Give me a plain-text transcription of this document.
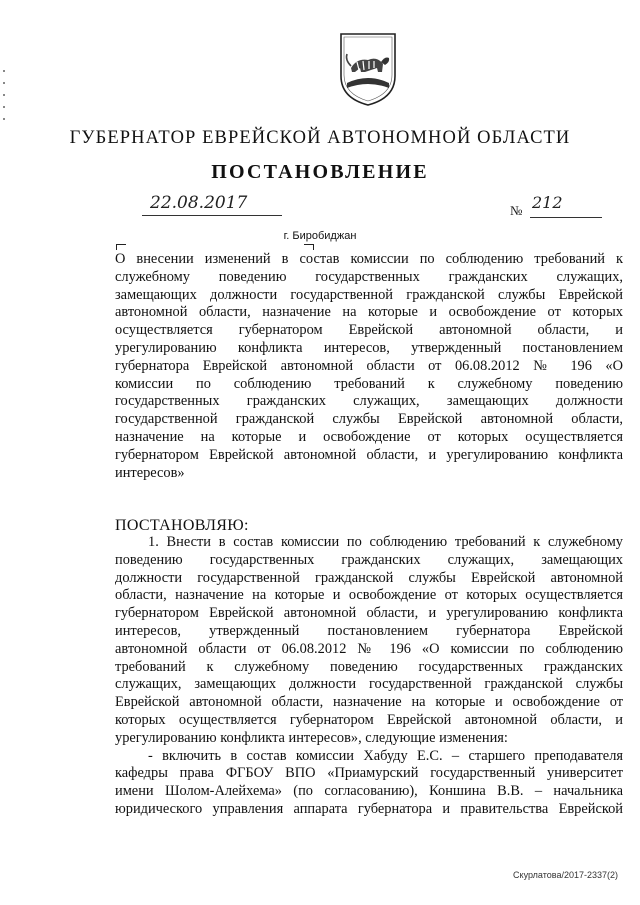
ГУБЕРНАТОР ЕВРЕЙСКОЙ АВТОНОМНОЙ ОБЛАСТИ
ПОСТАНОВЛЕНИЕ
22.08.2017	№ 212
г. Биробиджан
О внесении изменений в состав комиссии по соблюдению требований к
служебному поведению государственных гражданских служащих,
замещающих должности государственной гражданской службы Еврейской
автономной области, назначение на которые и освобождение от которых
осуществляется губернатором Еврейской автономной области, и
урегулированию конфликта интересов, утвержденный постановлением
губернатора Еврейской автономной области от 06.08.2012 № 196 «О
комиссии по соблюдению требований к служебному поведению
государственных гражданских служащих, замещающих должности
государственной гражданской службы Еврейской автономной области,
назначение на которые и освобождение от которых осуществляется
губернатором Еврейской автономной области, и урегулированию конфликта
интересов»
ПОСТАНОВЛЯЮ:
1. Внести в состав комиссии по соблюдению требований к служебному
поведению государственных гражданских служащих, замещающих
должности государственной гражданской службы Еврейской автономной
области, назначение на которые и освобождение от которых осуществляется
губернатором Еврейской автономной области, и урегулированию конфликта
интересов, утвержденный постановлением губернатора Еврейской
автономной области от 06.08.2012 № 196 «О комиссии по соблюдению
требований к служебному поведению государственных гражданских
служащих, замещающих должности государственной гражданской службы
Еврейской автономной области, назначение на которые и освобождение от
которых осуществляется губернатором Еврейской автономной области, и
урегулированию конфликта интересов», следующие изменения:
- включить в состав комиссии Хабуду Е.С. – старшего преподавателя
кафедры права ФГБОУ ВПО «Приамурский государственный университет
имени Шолом-Алейхема» (по согласованию), Коншина В.В. – начальника
юридического управления аппарата губернатора и правительства Еврейской
Скурлатова/2017-2337(2)
